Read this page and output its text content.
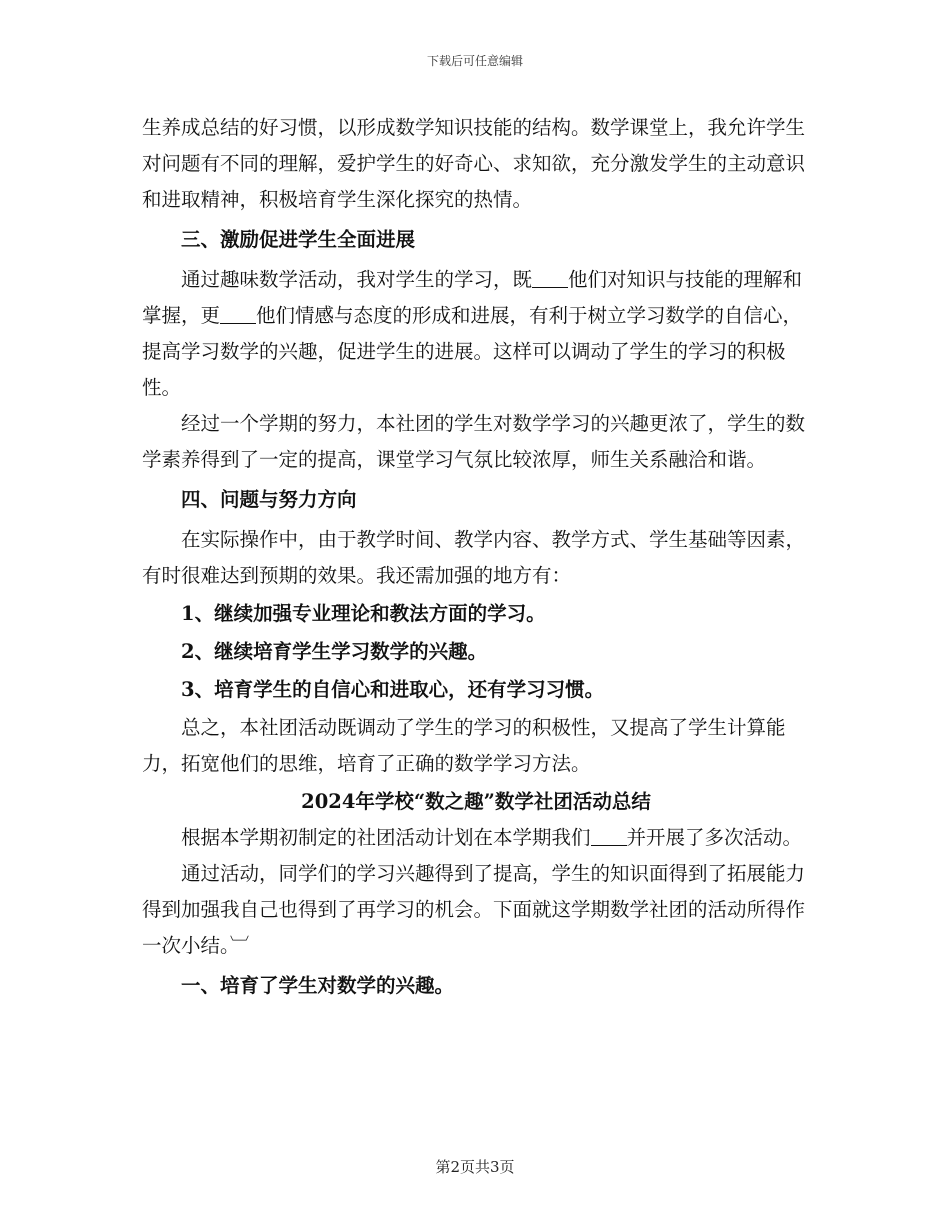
下载后可任意编辑

生养成总结的好习惯，以形成数学知识技能的结构。数学课堂上，我允许学生对问题有不同的理解，爱护学生的好奇心、求知欲，充分激发学生的主动意识和进取精神，积极培育学生深化探究的热情。

三、激励促进学生全面进展

通过趣味数学活动，我对学生的学习，既 他们对知识与技能的理解和掌握，更 他们情感与态度的形成和进展，有利于树立学习数学的自信心，提高学习数学的兴趣，促进学生的进展。这样可以调动了学生的学习的积极性。

经过一个学期的努力，本社团的学生对数学学习的兴趣更浓了，学生的数学素养得到了一定的提高，课堂学习气氛比较浓厚，师生关系融洽和谐。

四、问题与努力方向

在实际操作中，由于教学时间、教学内容、教学方式、学生基础等因素，有时很难达到预期的效果。我还需加强的地方有：

1、继续加强专业理论和教法方面的学习。

2、继续培育学生学习数学的兴趣。

3、培育学生的自信心和进取心，还有学习习惯。

总之，本社团活动既调动了学生的学习的积极性，又提高了学生计算能力，拓宽他们的思维，培育了正确的数学学习方法。

2024年学校“数之趣”数学社团活动总结

根据本学期初制定的社团活动计划在本学期我们 并开展了多次活动。

通过活动，同学们的学习兴趣得到了提高，学生的知识面得到了拓展能力得到加强我自己也得到了再学习的机会。下面就这学期数学社团的活动所得作一次小结。︺

一、培育了学生对数学的兴趣。

第2页共3页
